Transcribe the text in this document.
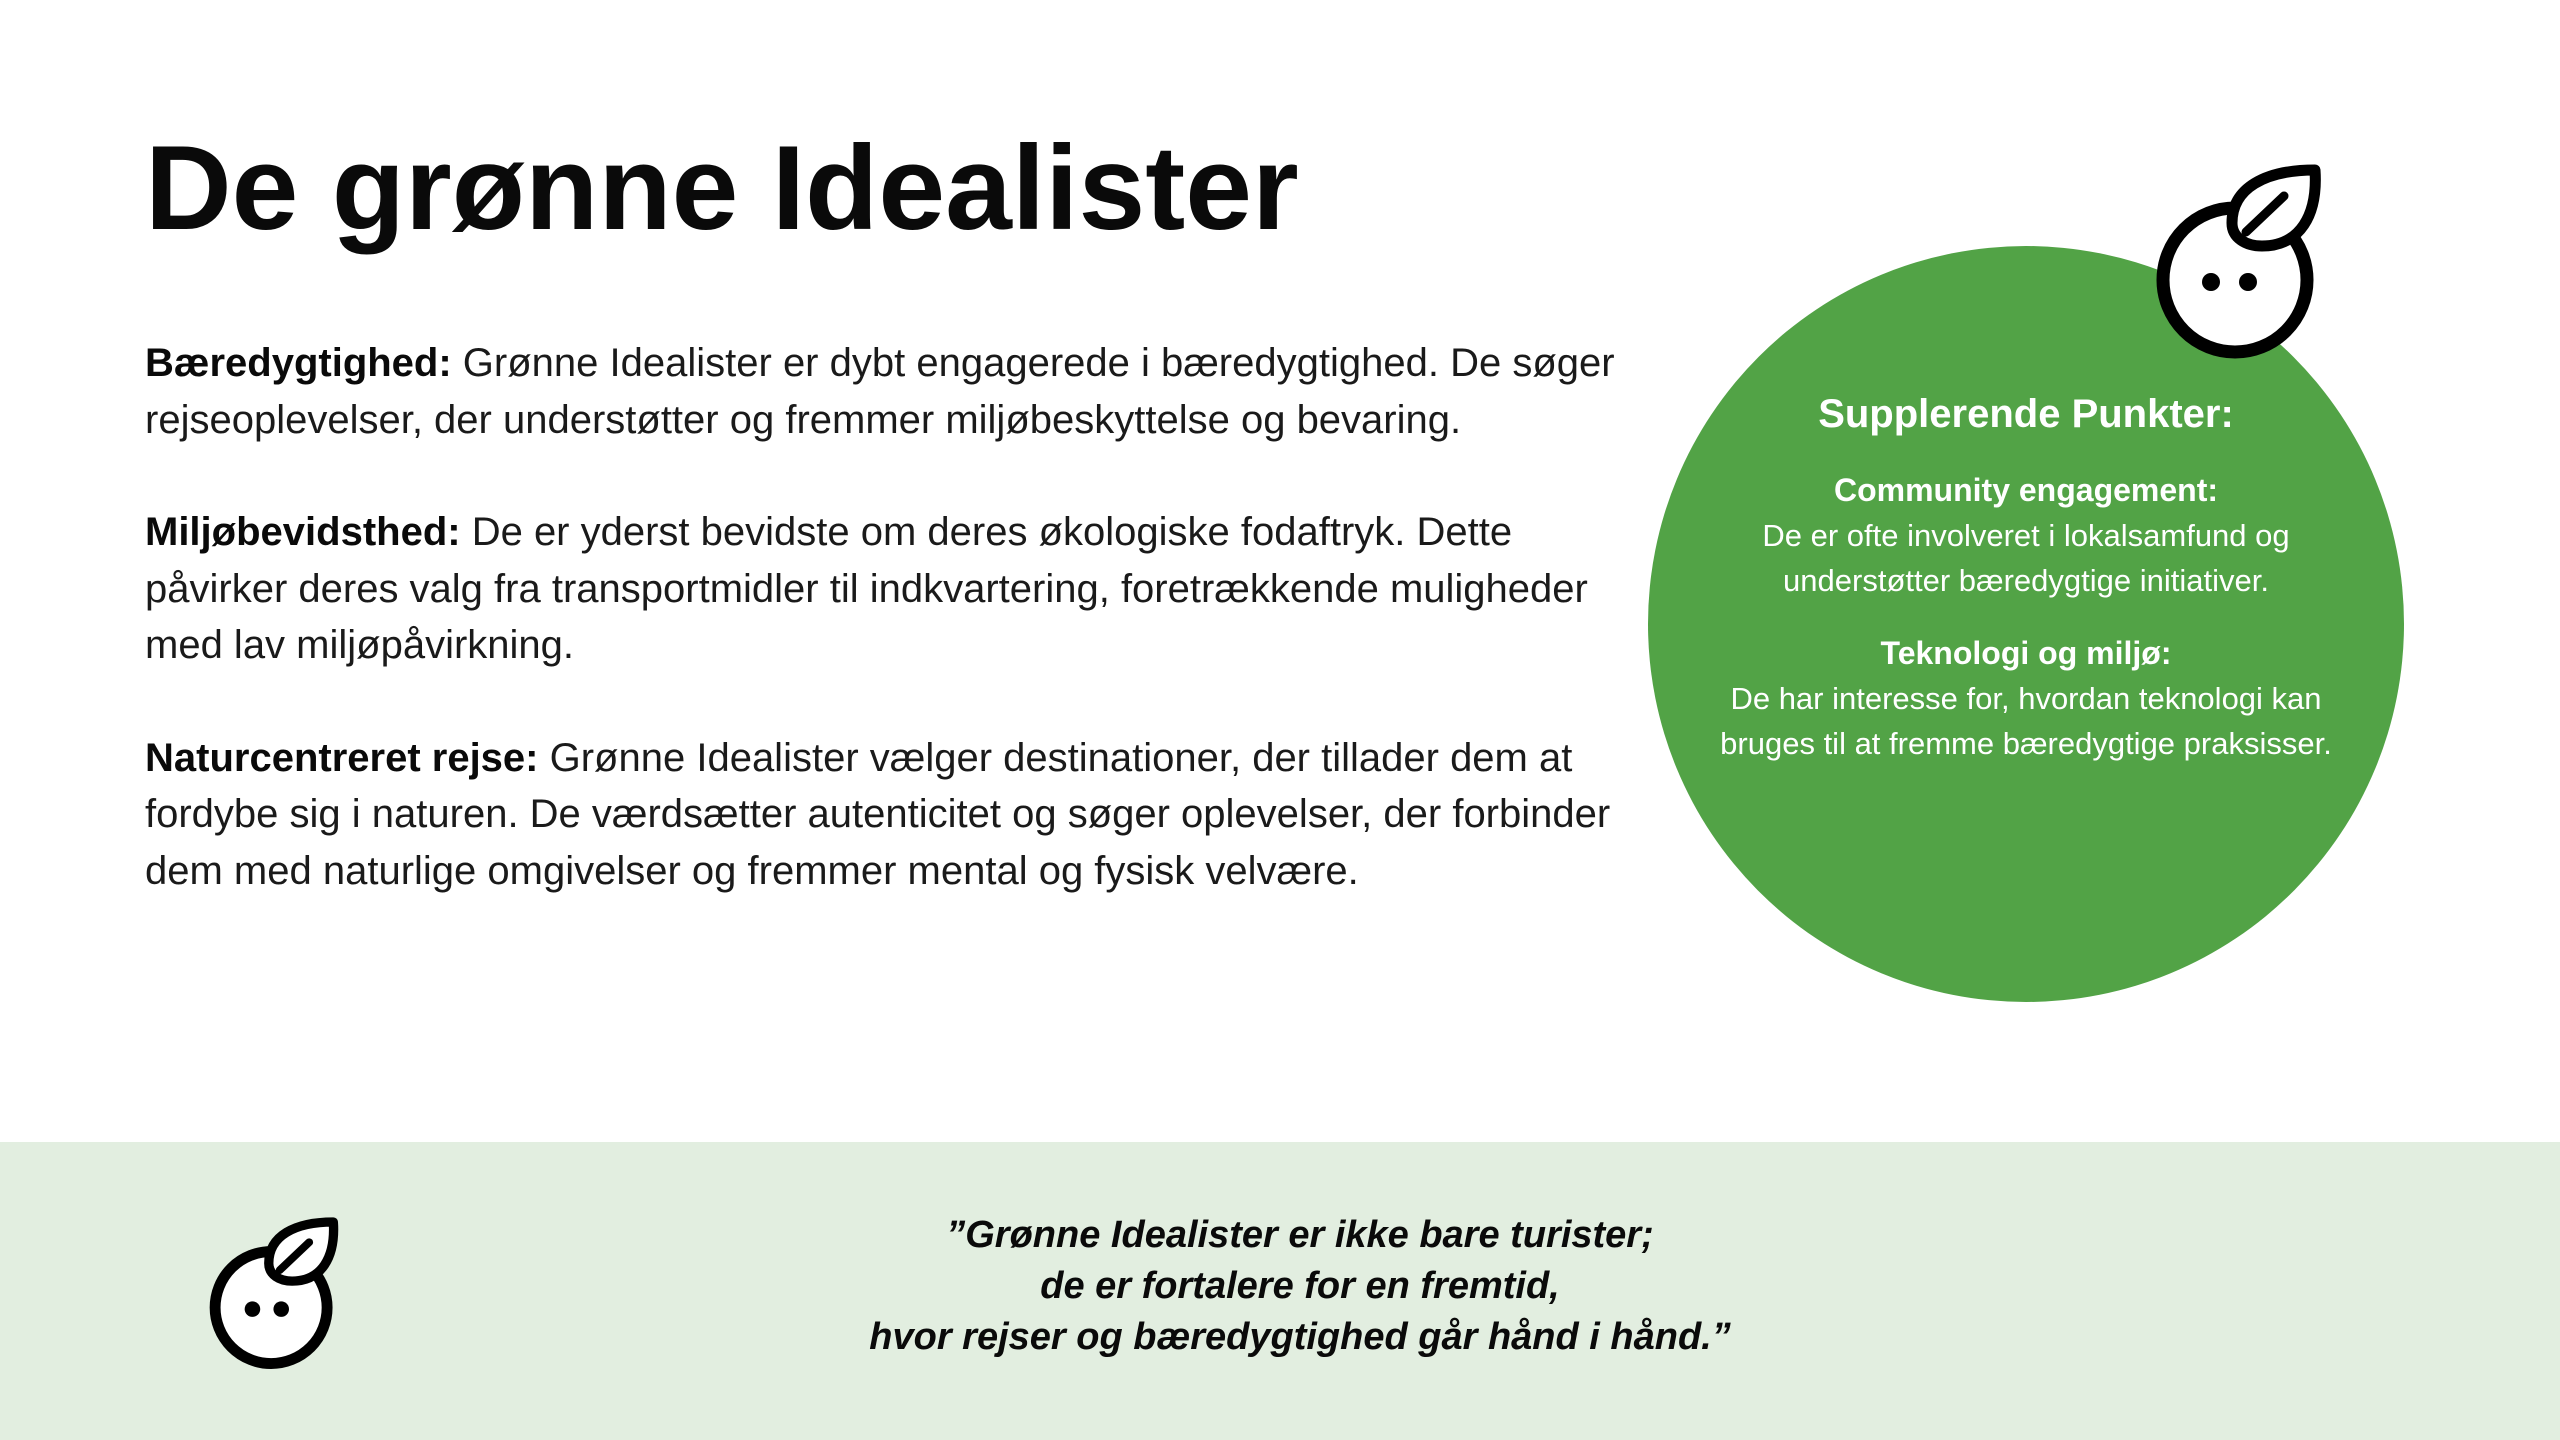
De grønne Idealister

Bæredygtighed: Grønne Idealister er dybt engagerede i bæredygtighed. De søger rejseoplevelser, der understøtter og fremmer miljøbeskyttelse og bevaring.

Miljøbevidsthed: De er yderst bevidste om deres økologiske fodaftryk. Dette påvirker deres valg fra transportmidler til indkvartering, foretrækkende muligheder med lav miljøpåvirkning.

Naturcentreret rejse: Grønne Idealister vælger destinationer, der tillader dem at fordybe sig i naturen. De værdsætter autenticitet og søger oplevelser, der forbinder dem med naturlige omgivelser og fremmer mental og fysisk velvære.

Supplerende Punkter:
Community engagement:
De er ofte involveret i lokalsamfund og understøtter bæredygtige initiativer.
Teknologi og miljø:
De har interesse for, hvordan teknologi kan bruges til at fremme bæredygtige praksisser.
”Grønne Idealister er ikke bare turister;
de er fortalere for en fremtid,
hvor rejser og bæredygtighed går hånd i hånd.”
